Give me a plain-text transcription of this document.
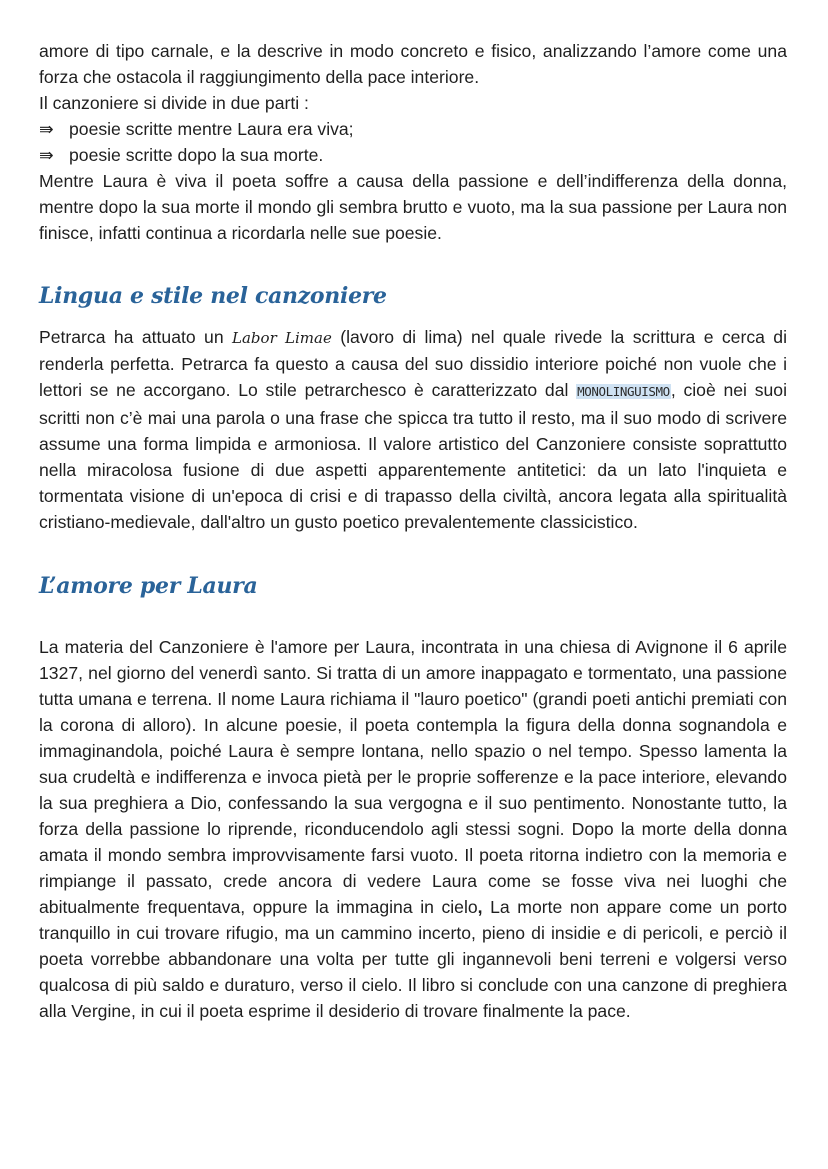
amore di tipo carnale, e la descrive in modo concreto e fisico, analizzando l’amore come una forza che ostacola il raggiungimento della pace interiore.

Il canzoniere si divide in due parti :

⇛ poesie scritte mentre Laura era viva;
⇛ poesie scritte dopo la sua morte.

Mentre Laura è viva il poeta soffre a causa della passione e dell’indifferenza della donna, mentre dopo la sua morte il mondo gli sembra brutto e vuoto, ma la sua passione per Laura non finisce, infatti continua a ricordarla nelle sue poesie.

Lingua e stile nel canzoniere

Petrarca ha attuato un Labor Limae (lavoro di lima) nel quale rivede la scrittura e cerca di renderla perfetta. Petrarca fa questo a causa del suo dissidio interiore poiché non vuole che i lettori se ne accorgano. Lo stile petrarchesco è caratterizzato dal MONOLINGUISMO, cioè nei suoi scritti non c’è mai una parola o una frase che spicca tra tutto il resto, ma il suo modo di scrivere assume una forma limpida e armoniosa. Il valore artistico del Canzoniere consiste soprattutto nella miracolosa fusione di due aspetti apparentemente antitetici: da un lato l'inquieta e tormentata visione di un'epoca di crisi e di trapasso della civiltà, ancora legata alla spiritualità cristiano-medievale, dall'altro un gusto poetico prevalentemente classicistico.

L’amore per Laura

La materia del Canzoniere è l'amore per Laura, incontrata in una chiesa di Avignone il 6 aprile 1327, nel giorno del venerdì santo. Si tratta di un amore inappagato e tormentato, una passione tutta umana e terrena. Il nome Laura richiama il "lauro poetico" (grandi poeti antichi premiati con la corona di alloro). In alcune poesie, il poeta contempla la figura della donna sognandola e immaginandola, poiché Laura è sempre lontana, nello spazio o nel tempo. Spesso lamenta la sua crudeltà e indifferenza e invoca pietà per le proprie sofferenze e la pace interiore, elevando la sua preghiera a Dio, confessando la sua vergogna e il suo pentimento. Nonostante tutto, la forza della passione lo riprende, riconducendolo agli stessi sogni. Dopo la morte della donna amata il mondo sembra improvvisamente farsi vuoto. Il poeta ritorna indietro con la memoria e rimpiange il passato, crede ancora di vedere Laura come se fosse viva nei luoghi che abitualmente frequentava, oppure la immagina in cielo, La morte non appare come un porto tranquillo in cui trovare rifugio, ma un cammino incerto, pieno di insidie e di pericoli, e perciò il poeta vorrebbe abbandonare una volta per tutte gli ingannevoli beni terreni e volgersi verso qualcosa di più saldo e duraturo, verso il cielo. Il libro si conclude con una canzone di preghiera alla Vergine, in cui il poeta esprime il desiderio di trovare finalmente la pace.
